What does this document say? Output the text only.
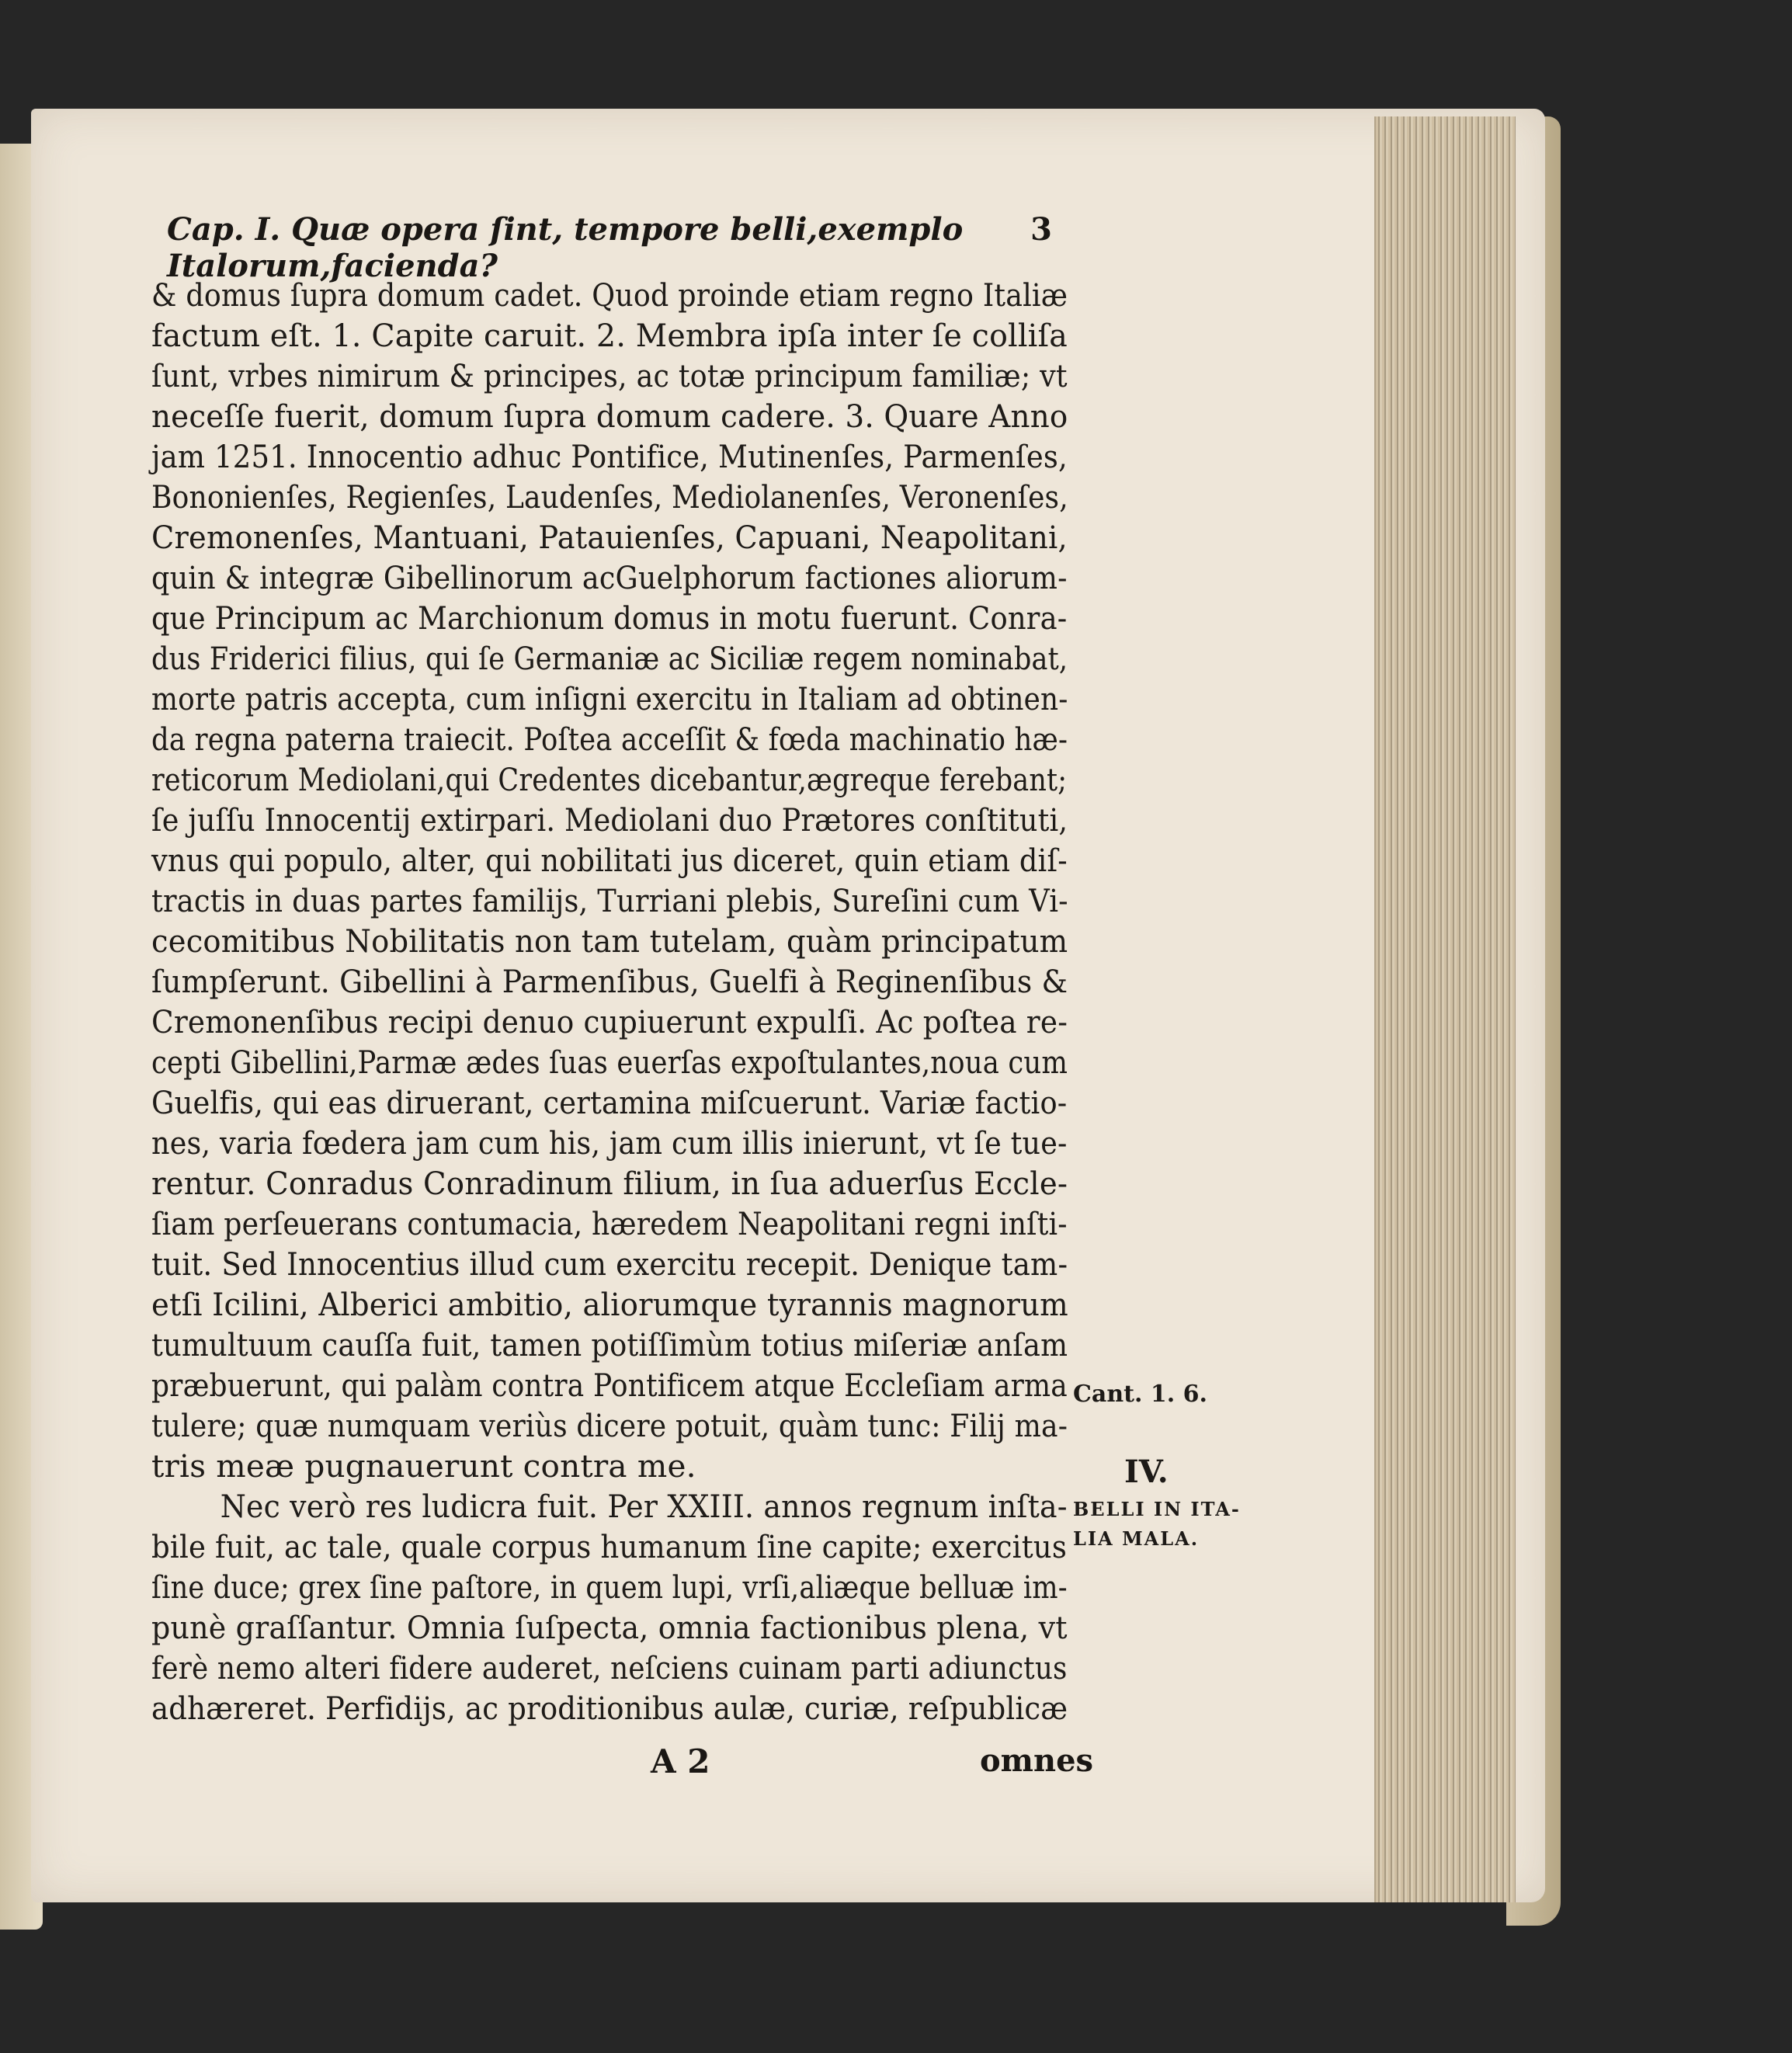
Cap. I. Quæ opera ſint, tempore belli,exemplo Italorum,facienda?
3
& domus ſupra domum cadet. Quod proinde etiam regno Italiæ
factum eſt. 1. Capite caruit. 2. Membra ipſa inter ſe colliſa
ſunt, vrbes nimirum & principes, ac totæ principum familiæ; vt
neceſſe fuerit, domum ſupra domum cadere. 3. Quare Anno
jam 1251. Innocentio adhuc Pontifice, Mutinenſes, Parmenſes,
Bononienſes, Regienſes, Laudenſes, Mediolanenſes, Veronenſes,
Cremonenſes, Mantuani, Patauienſes, Capuani, Neapolitani,
quin & integræ Gibellinorum acGuelphorum factiones aliorum-
que Principum ac Marchionum domus in motu fuerunt. Conra-
dus Friderici filius, qui ſe Germaniæ ac Siciliæ regem nominabat,
morte patris accepta, cum inſigni exercitu in Italiam ad obtinen-
da regna paterna traiecit. Poſtea acceſſit & fœda machinatio hæ-
reticorum Mediolani,qui Credentes dicebantur,ægreque ferebant;
ſe juſſu Innocentij extirpari. Mediolani duo Prætores conſtituti,
vnus qui populo, alter, qui nobilitati jus diceret, quin etiam diſ-
tractis in duas partes familijs, Turriani plebis, Sureſini cum Vi-
cecomitibus Nobilitatis non tam tutelam, quàm principatum
ſumpſerunt. Gibellini à Parmenſibus, Guelfi à Reginenſibus &
Cremonenſibus recipi denuo cupiuerunt expulſi. Ac poſtea re-
cepti Gibellini,Parmæ ædes ſuas euerſas expoſtulantes,noua cum
Guelfis, qui eas diruerant, certamina miſcuerunt. Variæ factio-
nes, varia fœdera jam cum his, jam cum illis inierunt, vt ſe tue-
rentur. Conradus Conradinum filium, in ſua aduerſus Eccle-
ſiam perſeuerans contumacia, hæredem Neapolitani regni inſti-
tuit. Sed Innocentius illud cum exercitu recepit. Denique tam-
etſi Icilini, Alberici ambitio, aliorumque tyrannis magnorum
tumultuum cauſſa fuit, tamen potiſſimùm totius miſeriæ anſam
præbuerunt, qui palàm contra Pontificem atque Eccleſiam arma
tulere; quæ numquam veriùs dicere potuit, quàm tunc: Filij ma-
tris meæ pugnauerunt contra me.
Nec verò res ludicra fuit. Per XXIII. annos regnum inſta-
bile fuit, ac tale, quale corpus humanum ſine capite; exercitus
ſine duce; grex ſine paſtore, in quem lupi, vrſi,aliæque belluæ im-
punè graſſantur. Omnia ſuſpecta, omnia factionibus plena, vt
ferè nemo alteri fidere auderet, neſciens cuinam parti adiunctus
adhæreret. Perfidijs, ac proditionibus aulæ, curiæ, reſpublicæ
A 2	omnes
Cant. 1. 6.
IV.
BELLI IN ITA-
LIA MALA.
